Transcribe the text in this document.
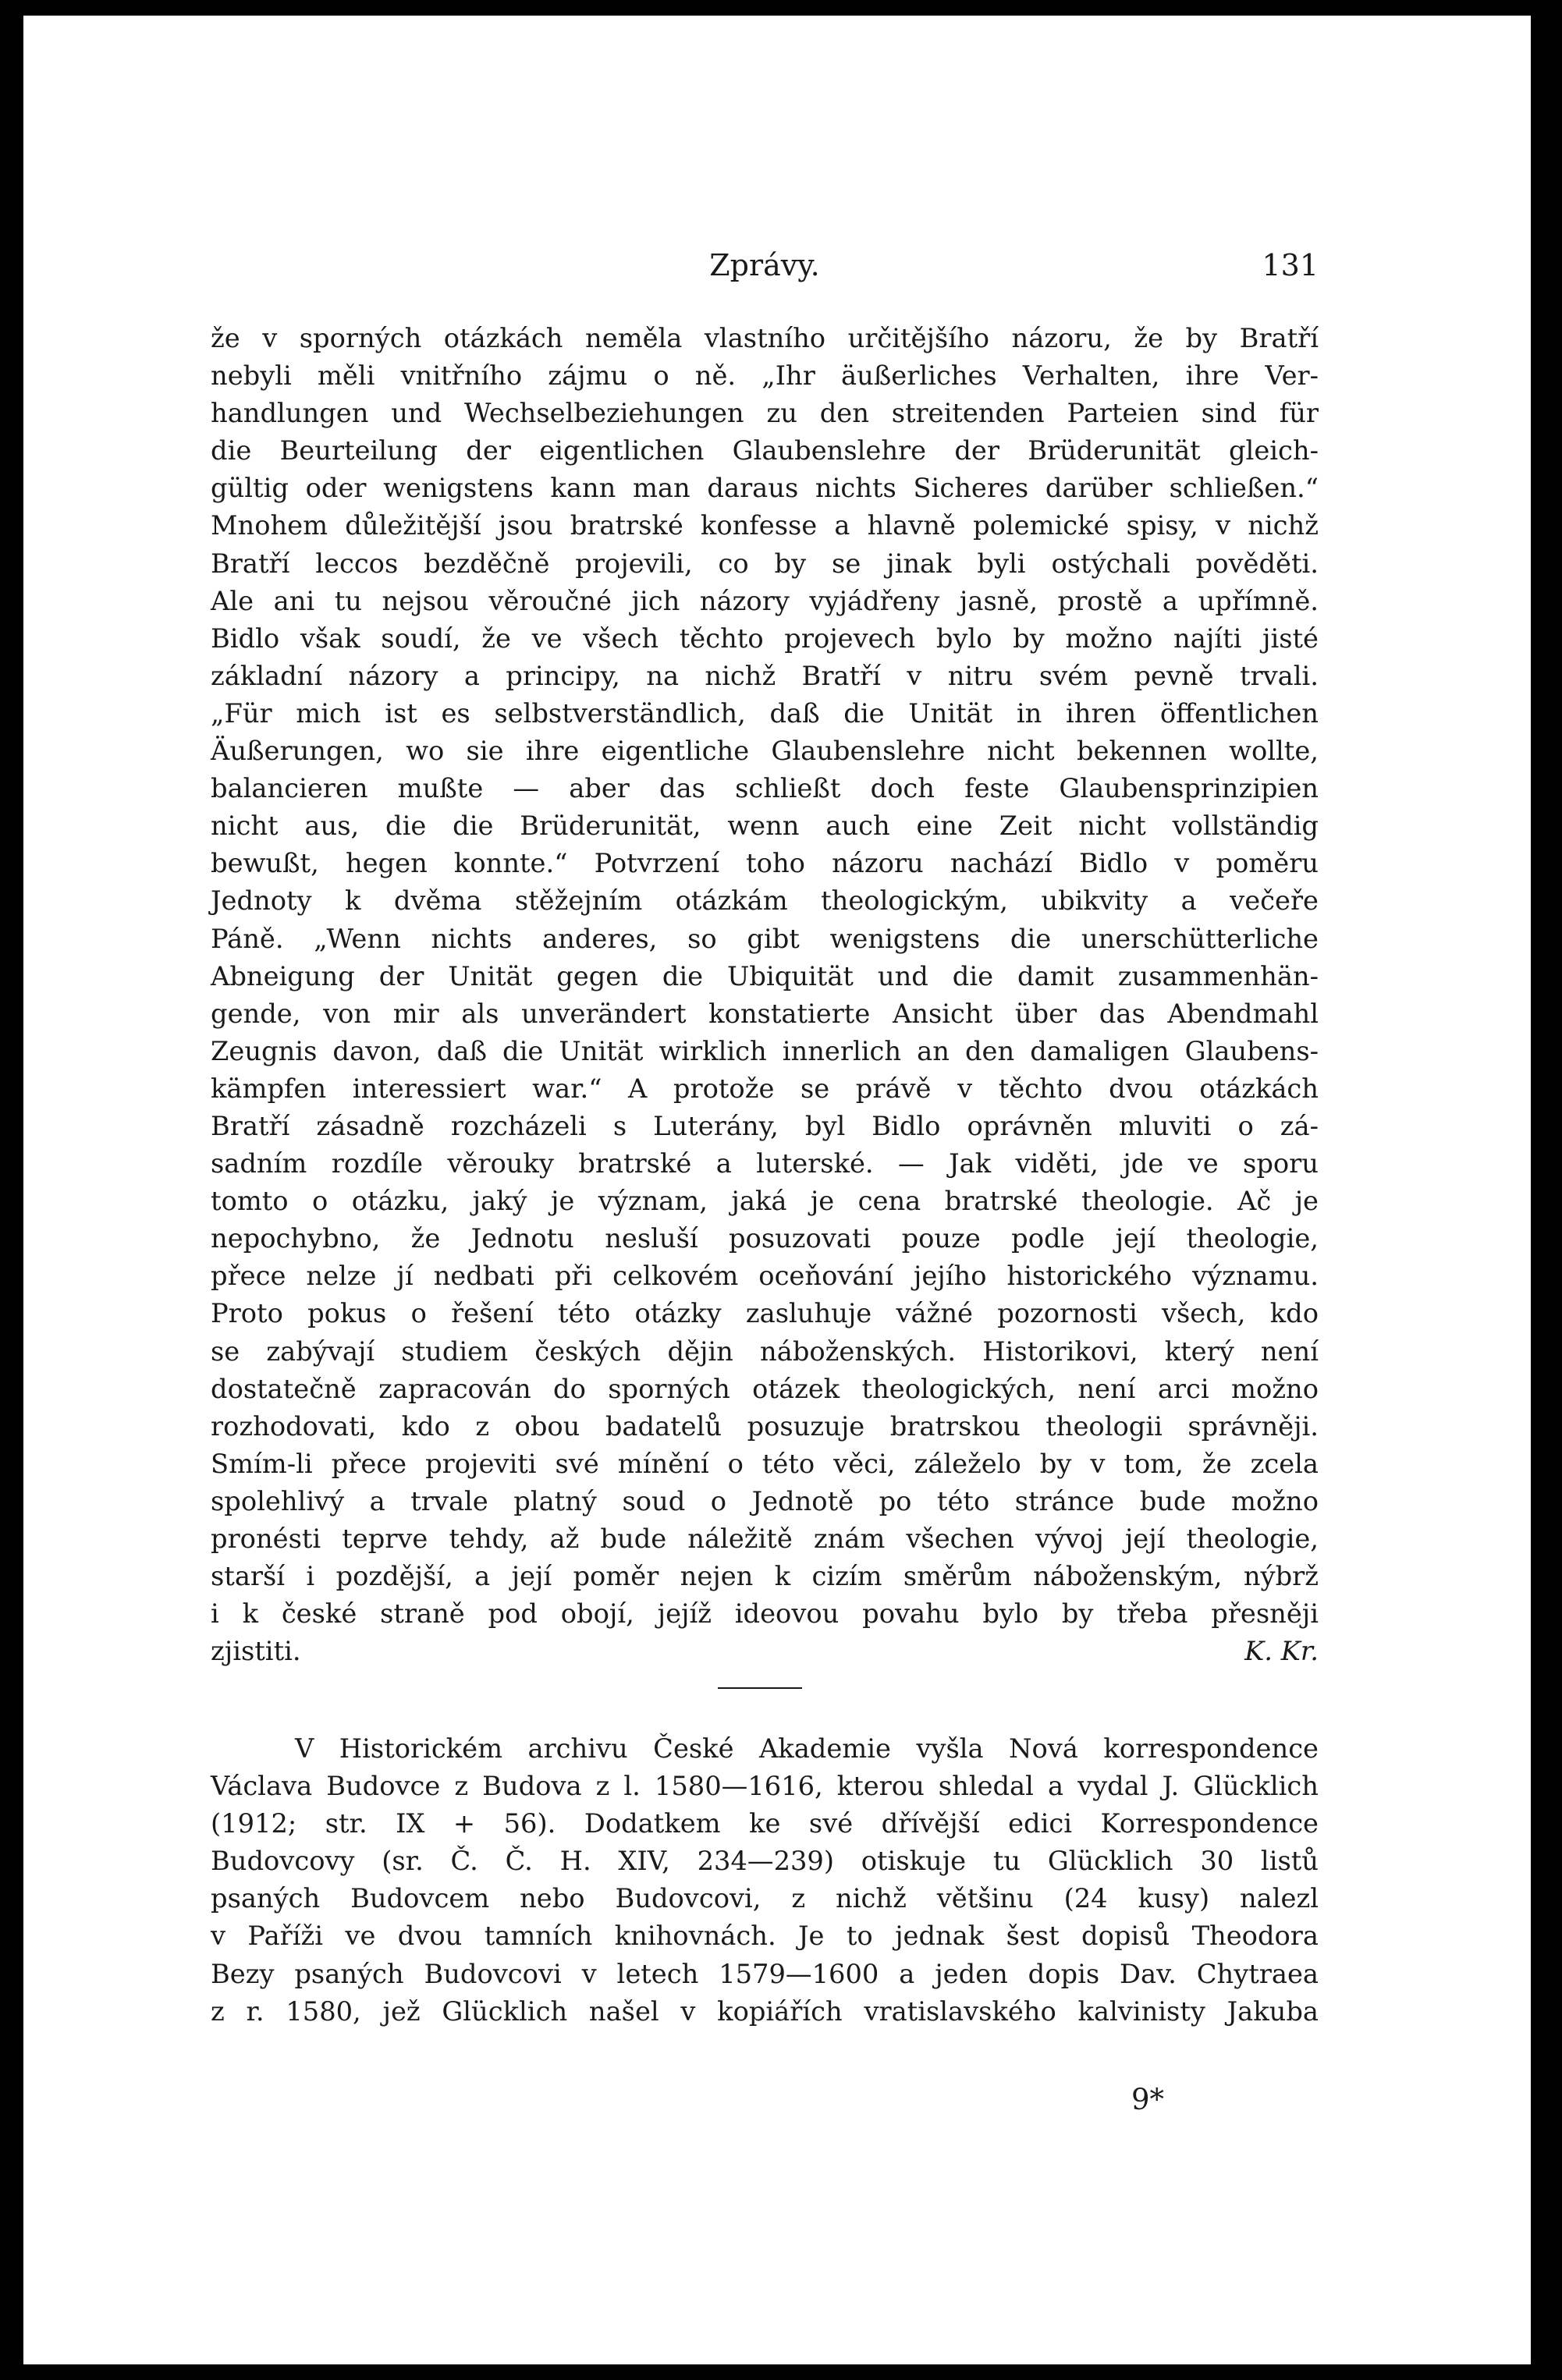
Zprávy.	131
že v sporných otázkách neměla vlastního určitějšího názoru, že by Bratří
nebyli měli vnitřního zájmu o ně. „Ihr äußerliches Verhalten, ihre Ver-
handlungen und Wechselbeziehungen zu den streitenden Parteien sind für
die Beurteilung der eigentlichen Glaubenslehre der Brüderunität gleich-
gültig oder wenigstens kann man daraus nichts Sicheres darüber schließen.“
Mnohem důležitější jsou bratrské konfesse a hlavně polemické spisy, v nichž
Bratří leccos bezděčně projevili, co by se jinak byli ostýchali pověděti.
Ale ani tu nejsou věroučné jich názory vyjádřeny jasně, prostě a upřímně.
Bidlo však soudí, že ve všech těchto projevech bylo by možno najíti jisté
základní názory a principy, na nichž Bratří v nitru svém pevně trvali.
„Für mich ist es selbstverständlich, daß die Unität in ihren öffentlichen
Äußerungen, wo sie ihre eigentliche Glaubenslehre nicht bekennen wollte,
balancieren mußte — aber das schließt doch feste Glaubensprinzipien
nicht aus, die die Brüderunität, wenn auch eine Zeit nicht vollständig
bewußt, hegen konnte.“ Potvrzení toho názoru nachází Bidlo v poměru
Jednoty k dvěma stěžejním otázkám theologickým, ubikvity a večeře
Páně. „Wenn nichts anderes, so gibt wenigstens die unerschütterliche
Abneigung der Unität gegen die Ubiquität und die damit zusammenhän-
gende, von mir als unverändert konstatierte Ansicht über das Abendmahl
Zeugnis davon, daß die Unität wirklich innerlich an den damaligen Glaubens-
kämpfen interessiert war.“ A protože se právě v těchto dvou otázkách
Bratří zásadně rozcházeli s Luterány, byl Bidlo oprávněn mluviti o zá-
sadním rozdíle věrouky bratrské a luterské. — Jak viděti, jde ve sporu
tomto o otázku, jaký je význam, jaká je cena bratrské theologie. Ač je
nepochybno, že Jednotu nesluší posuzovati pouze podle její theologie,
přece nelze jí nedbati při celkovém oceňování jejího historického významu.
Proto pokus o řešení této otázky zasluhuje vážné pozornosti všech, kdo
se zabývají studiem českých dějin náboženských. Historikovi, který není
dostatečně zapracován do sporných otázek theologických, není arci možno
rozhodovati, kdo z obou badatelů posuzuje bratrskou theologii správněji.
Smím-li přece projeviti své mínění o této věci, záleželo by v tom, že zcela
spolehlivý a trvale platný soud o Jednotě po této stránce bude možno
pronésti teprve tehdy, až bude náležitě znám všechen vývoj její theologie,
starší i pozdější, a její poměr nejen k cizím směrům náboženským, nýbrž
i k české straně pod obojí, jejíž ideovou povahu bylo by třeba přesněji
zjistiti.	K. Kr.
V Historickém archivu České Akademie vyšla Nová korrespondence
Václava Budovce z Budova z l. 1580—1616, kterou shledal a vydal J. Glücklich
(1912; str. IX + 56). Dodatkem ke své dřívější edici Korrespondence
Budovcovy (sr. Č. Č. H. XIV, 234—239) otiskuje tu Glücklich 30 listů
psaných Budovcem nebo Budovcovi, z nichž většinu (24 kusy) nalezl
v Paříži ve dvou tamních knihovnách. Je to jednak šest dopisů Theodora
Bezy psaných Budovcovi v letech 1579—1600 a jeden dopis Dav. Chytraea
z r. 1580, jež Glücklich našel v kopiářích vratislavského kalvinisty Jakuba
9*
